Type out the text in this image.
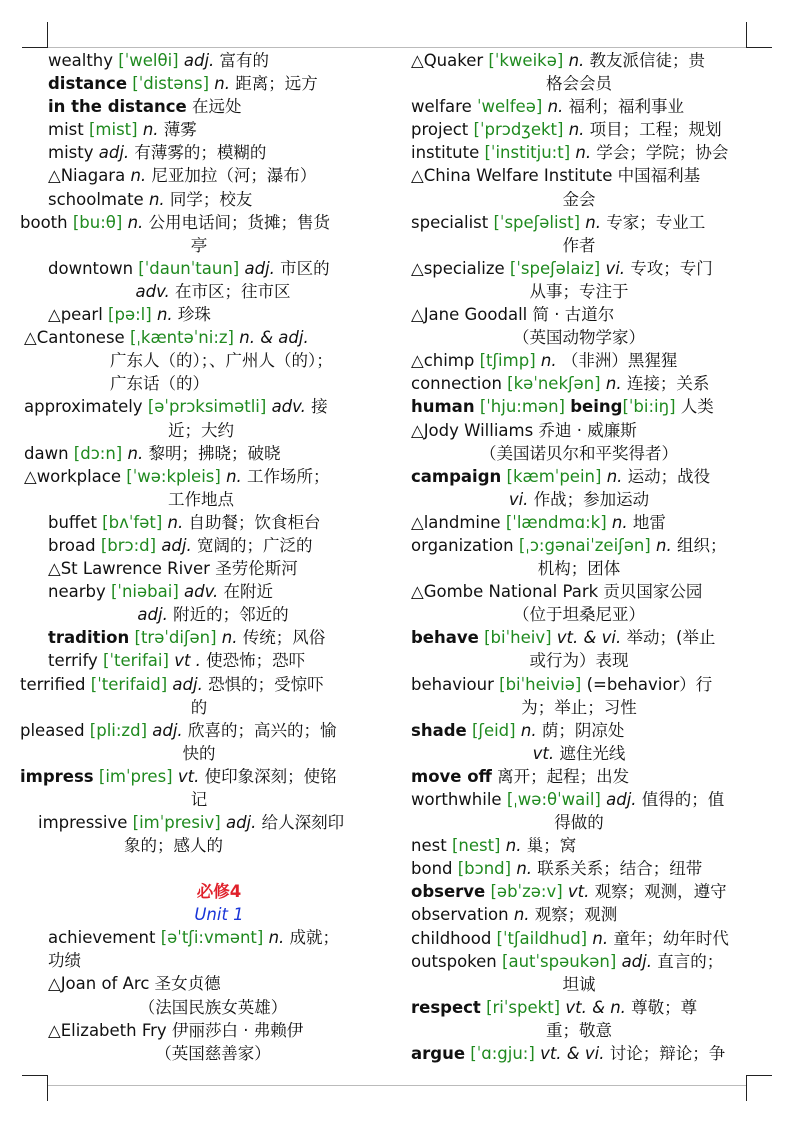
wealthy [ˈwelθi] adj. 富有的
distance [ˈdistəns] n. 距离；远方
in the distance 在远处
mist [mist] n. 薄雾
misty adj. 有薄雾的；模糊的
△Niagara n. 尼亚加拉（河；瀑布）
schoolmate n. 同学；校友
booth [bu:θ] n. 公用电话间；货摊；售货
亭
downtown [ˈdaunˈtaun] adj. 市区的
adv. 在市区；往市区
△pearl [pə:l] n. 珍珠
△Cantonese [ˌkæntəˈni:z] n. & adj.
广东人（的）；、广州人（的）；
广东话（的）
approximately [əˈprɔksimətli] adv. 接
近；大约
dawn [dɔ:n] n. 黎明；拂晓；破晓
△workplace [ˈwə:kpleis] n. 工作场所；
工作地点
buffet [bʌˈfət] n. 自助餐；饮食柜台
broad [brɔ:d] adj. 宽阔的；广泛的
△St Lawrence River 圣劳伦斯河
nearby [ˈniəbai] adv. 在附近
adj. 附近的；邻近的
tradition [trəˈdiʃən] n. 传统；风俗
terrify [ˈterifai] vt . 使恐怖；恐吓
terrified [ˈterifaid] adj. 恐惧的；受惊吓
的
pleased [pli:zd] adj. 欣喜的；高兴的；愉
快的
impress [imˈpres] vt. 使印象深刻；使铭
记
impressive [imˈpresiv] adj. 给人深刻印
象的；感人的
必修4
Unit 1
achievement [əˈtʃi:vmənt] n. 成就；
功绩
△Joan of Arc 圣女贞德
（法国民族女英雄）
△Elizabeth Fry 伊丽莎白 · 弗赖伊
（英国慈善家）
△Quaker [ˈkweikə] n. 教友派信徒；贵
格会会员
welfare ˈwelfeə] n. 福利；福利事业
project [ˈprɔdʒekt] n. 项目；工程；规划
institute [ˈinstitju:t] n. 学会；学院；协会
△China Welfare Institute 中国福利基
金会
specialist [ˈspeʃəlist] n. 专家；专业工
作者
△specialize [ˈspeʃəlaiz] vi. 专攻；专门
从事；专注于
△Jane Goodall 简 · 古道尔
（英国动物学家）
△chimp [tʃimp] n. （非洲）黑猩猩
connection [kəˈnekʃən] n. 连接；关系
human [ˈhju:mən] being[ˈbi:iŋ] 人类
△Jody Williams 乔迪 · 威廉斯
（美国诺贝尔和平奖得者）
campaign [kæmˈpein] n. 运动；战役
vi. 作战；参加运动
△landmine [ˈlændmɑ:k] n. 地雷
organization [ˌɔ:gənaiˈzeiʃən] n. 组织；
机构；团体
△Gombe National Park 贡贝国家公园
（位于坦桑尼亚）
behave [biˈheiv] vt. & vi. 举动；(举止
或行为）表现
behaviour [biˈheiviə] (=behavior）行
为；举止；习性
shade [ʃeid] n. 荫；阴凉处
vt. 遮住光线
move off 离开；起程；出发
worthwhile [ˌwə:θˈwail] adj. 值得的；值
得做的
nest [nest] n. 巢；窝
bond [bɔnd] n. 联系关系；结合；纽带
observe [əbˈzə:v] vt. 观察；观测，遵守
observation n. 观察；观测
childhood [ˈtʃaildhud] n. 童年；幼年时代
outspoken [autˈspəukən] adj. 直言的；
坦诚
respect [riˈspekt] vt. & n. 尊敬；尊
重；敬意
argue [ˈɑ:gju:] vt. & vi. 讨论；辩论；争
